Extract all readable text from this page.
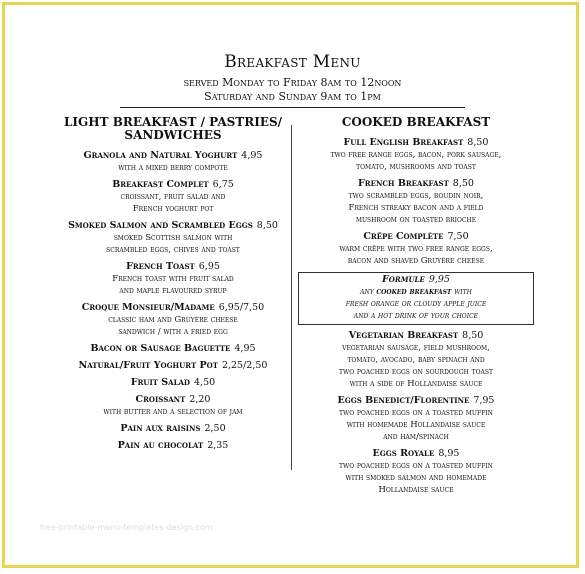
Breakfast Menu
served Monday to Friday 8am to 12noon
Saturday and Sunday 9am to 1pm
LIGHT BREAKFAST / PASTRIES/
SANDWICHES
Granola and Natural Yoghurt 4,95
with a mixed berry compote
Breakfast Complet 6,75
croissant, fruit salad and
French yoghurt pot
Smoked Salmon and Scrambled Eggs 8,50
smoked Scottish salmon with
scrambled eggs, chives and toast
French Toast 6,95
French toast with fruit salad
and maple flavoured syrup
Croque Monsieur/Madame 6,95/7,50
classic ham and Gruyère cheese
sandwich / with a fried egg
Bacon or Sausage Baguette 4,95
Natural/Fruit Yoghurt Pot 2,25/2,50
Fruit Salad 4,50
Croissant 2,20
with butter and a selection of jam
Pain aux raisins 2,50
Pain au chocolat 2,35
COOKED BREAKFAST
Full English Breakfast 8,50
two free range eggs, bacon, pork sausage,
tomato, mushrooms and toast
French Breakfast 8,50
two scrambled eggs, boudin noir,
French streaky bacon and a field
mushroom on toasted brioche
Crêpe Complète 7,50
warm crêpe with two free range eggs,
bacon and shaved Gruyère cheese
Formule 9,95
any cooked breakfast with
fresh orange or cloudy apple juice
and a hot drink of your choice
Vegetarian Breakfast 8,50
vegetarian sausage, field mushroom,
tomato, avocado, baby spinach and
two poached eggs on sourdough toast
with a side of Hollandaise sauce
Eggs Benedict/Florentine 7,95
two poached eggs on a toasted muffin
with homemade Hollandaise sauce
and ham/spinach
Eggs Royale 8,95
two poached eggs on a toasted muffin
with smoked salmon and homemade
Hollandaise sauce
free-printable-menu-templates-design.com
